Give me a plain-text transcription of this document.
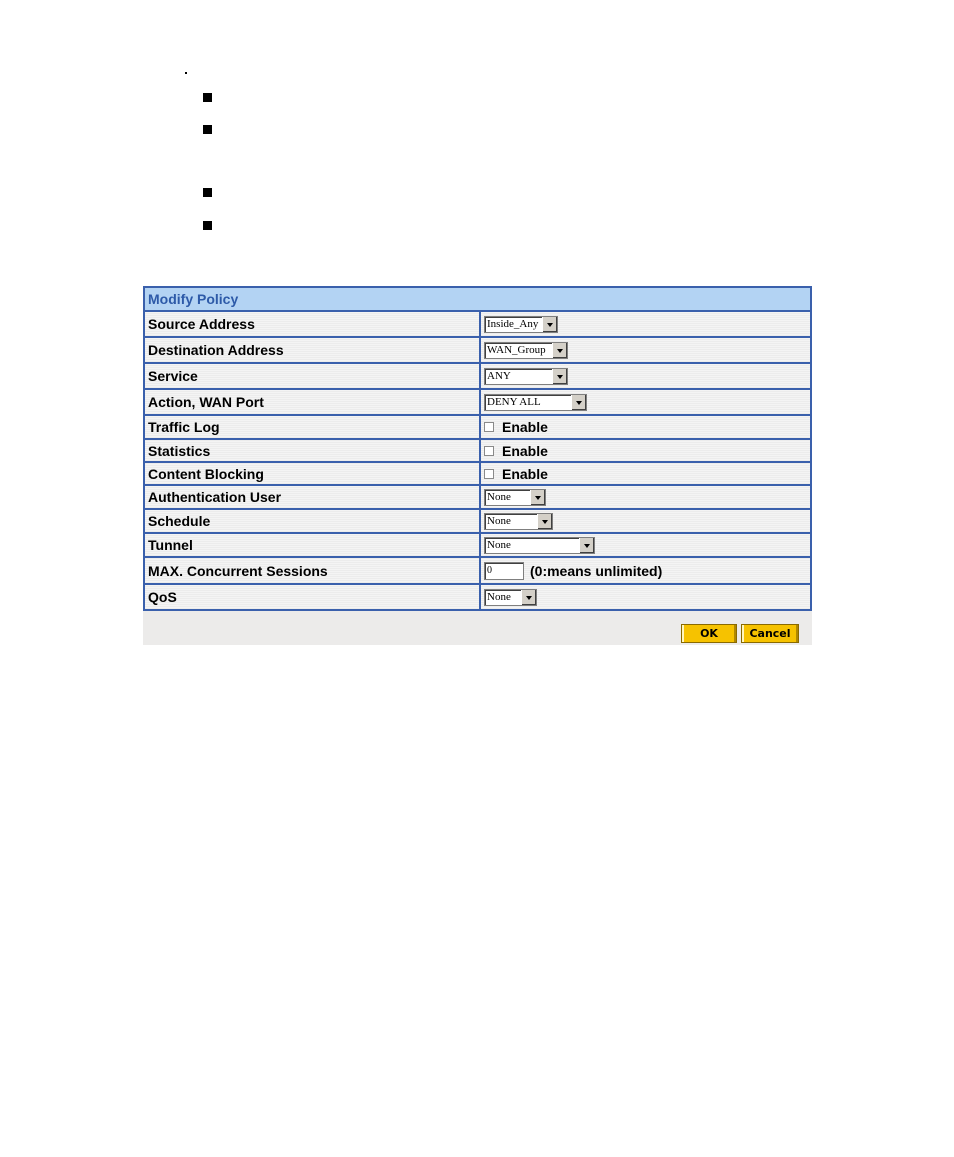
Modify Policy
Source Address	Inside_Any
Destination Address	WAN_Group
Service	ANY
Action, WAN Port	DENY ALL
Traffic Log	Enable
Statistics	Enable
Content Blocking	Enable
Authentication User	None
Schedule	None
Tunnel	None
MAX. Concurrent Sessions	0	(0:means unlimited)
QoS	None
OK	Cancel
